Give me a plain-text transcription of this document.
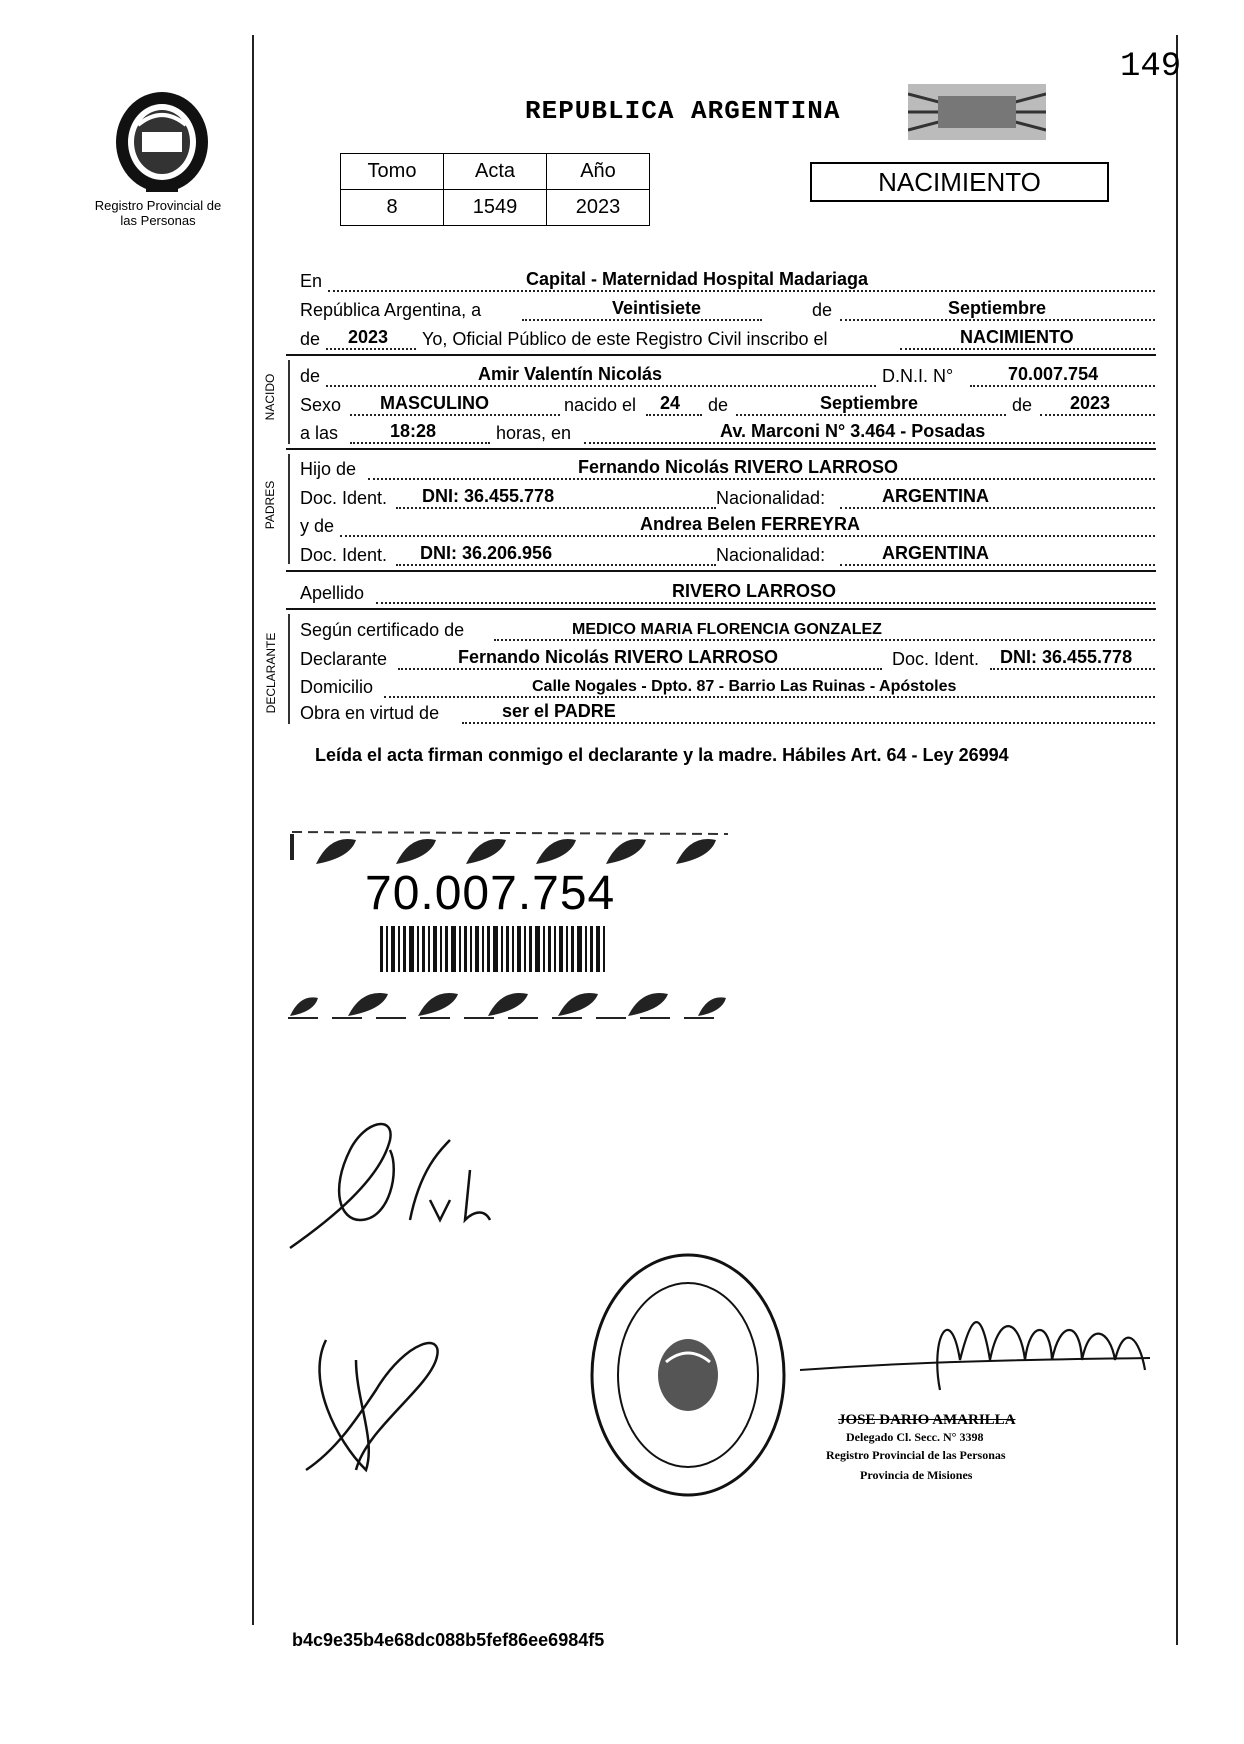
149
Registro Provincial de las Personas
REPUBLICA ARGENTINA
Tomo	Acta	Año
8	1549	2023
NACIMIENTO
En	Capital - Maternidad Hospital Madariaga
República Argentina, a	Veintisiete	de	Septiembre
de 2023 Yo, Oficial Público de este Registro Civil inscribo el	NACIMIENTO
NACIDO de	Amir Valentín Nicolás	D.N.I. N°	70.007.754
Sexo MASCULINO	nacido el 24 de	Septiembre	de 2023
a las	18:28	horas, en	Av. Marconi N° 3.464 - Posadas
PADRES
Hijo de	Fernando Nicolás RIVERO LARROSO
Doc. Ident. DNI: 36.455.778	Nacionalidad:	ARGENTINA
y de	Andrea Belen FERREYRA
Doc. Ident. DNI: 36.206.956	Nacionalidad:	ARGENTINA
Apellido	RIVERO LARROSO
DECLARANTE
Según certificado de	MEDICO MARIA FLORENCIA GONZALEZ
Declarante	Fernando Nicolás RIVERO LARROSO	Doc. Ident. DNI: 36.455.778
Domicilio	Calle Nogales - Dpto. 87 - Barrio Las Ruinas - Apóstoles
Obra en virtud de	ser el PADRE
Leída el acta firman conmigo el declarante y la madre. Hábiles Art. 64 - Ley 26994
70.007.754
JOSE DARIO AMARILLA
Delegado Cl. Secc. N° 3398
Registro Provincial de las Personas
Provincia de Misiones
b4c9e35b4e68dc088b5fef86ee6984f5
